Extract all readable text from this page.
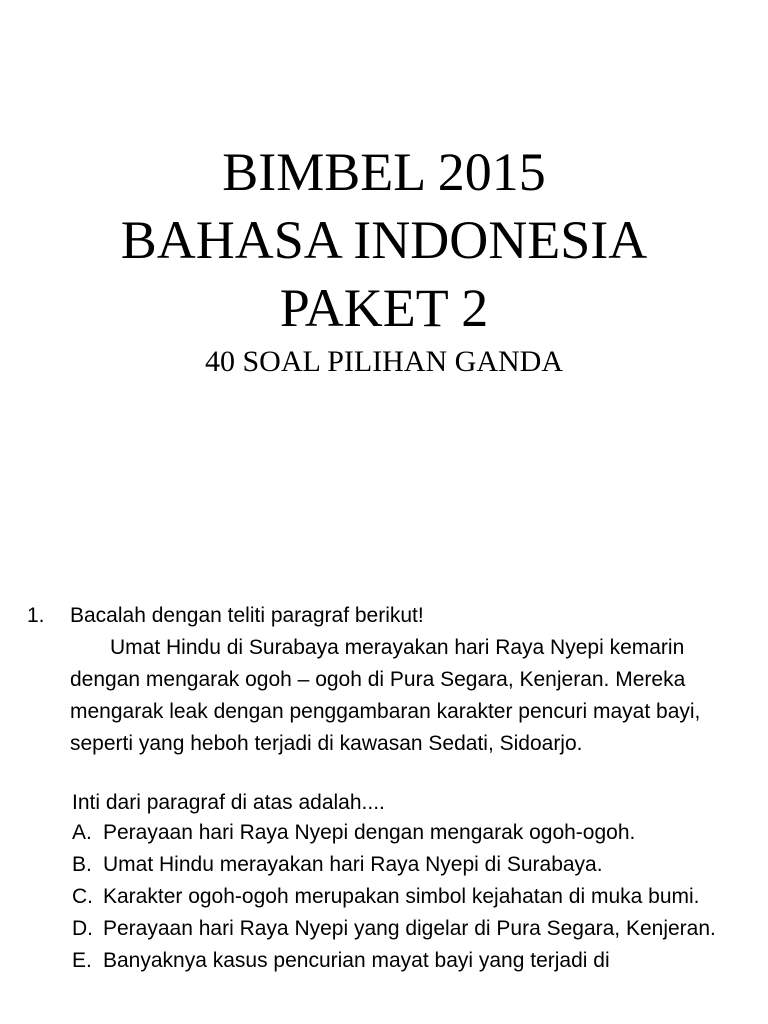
BIMBEL 2015

BAHASA INDONESIA

PAKET 2

40 SOAL PILIHAN GANDA

1. Bacalah dengan teliti paragraf berikut!

Umat Hindu di Surabaya merayakan hari Raya Nyepi kemarin dengan mengarak ogoh – ogoh di Pura Segara, Kenjeran. Mereka mengarak leak dengan penggambaran karakter pencuri mayat bayi, seperti yang heboh terjadi di kawasan Sedati, Sidoarjo.

Inti dari paragraf di atas adalah....
A. Perayaan hari Raya Nyepi dengan mengarak ogoh-ogoh.
B. Umat Hindu merayakan hari Raya Nyepi di Surabaya.
C. Karakter ogoh-ogoh merupakan simbol kejahatan di muka bumi.
D. Perayaan hari Raya Nyepi yang digelar di Pura Segara, Kenjeran.
E. Banyaknya kasus pencurian mayat bayi yang terjadi di
